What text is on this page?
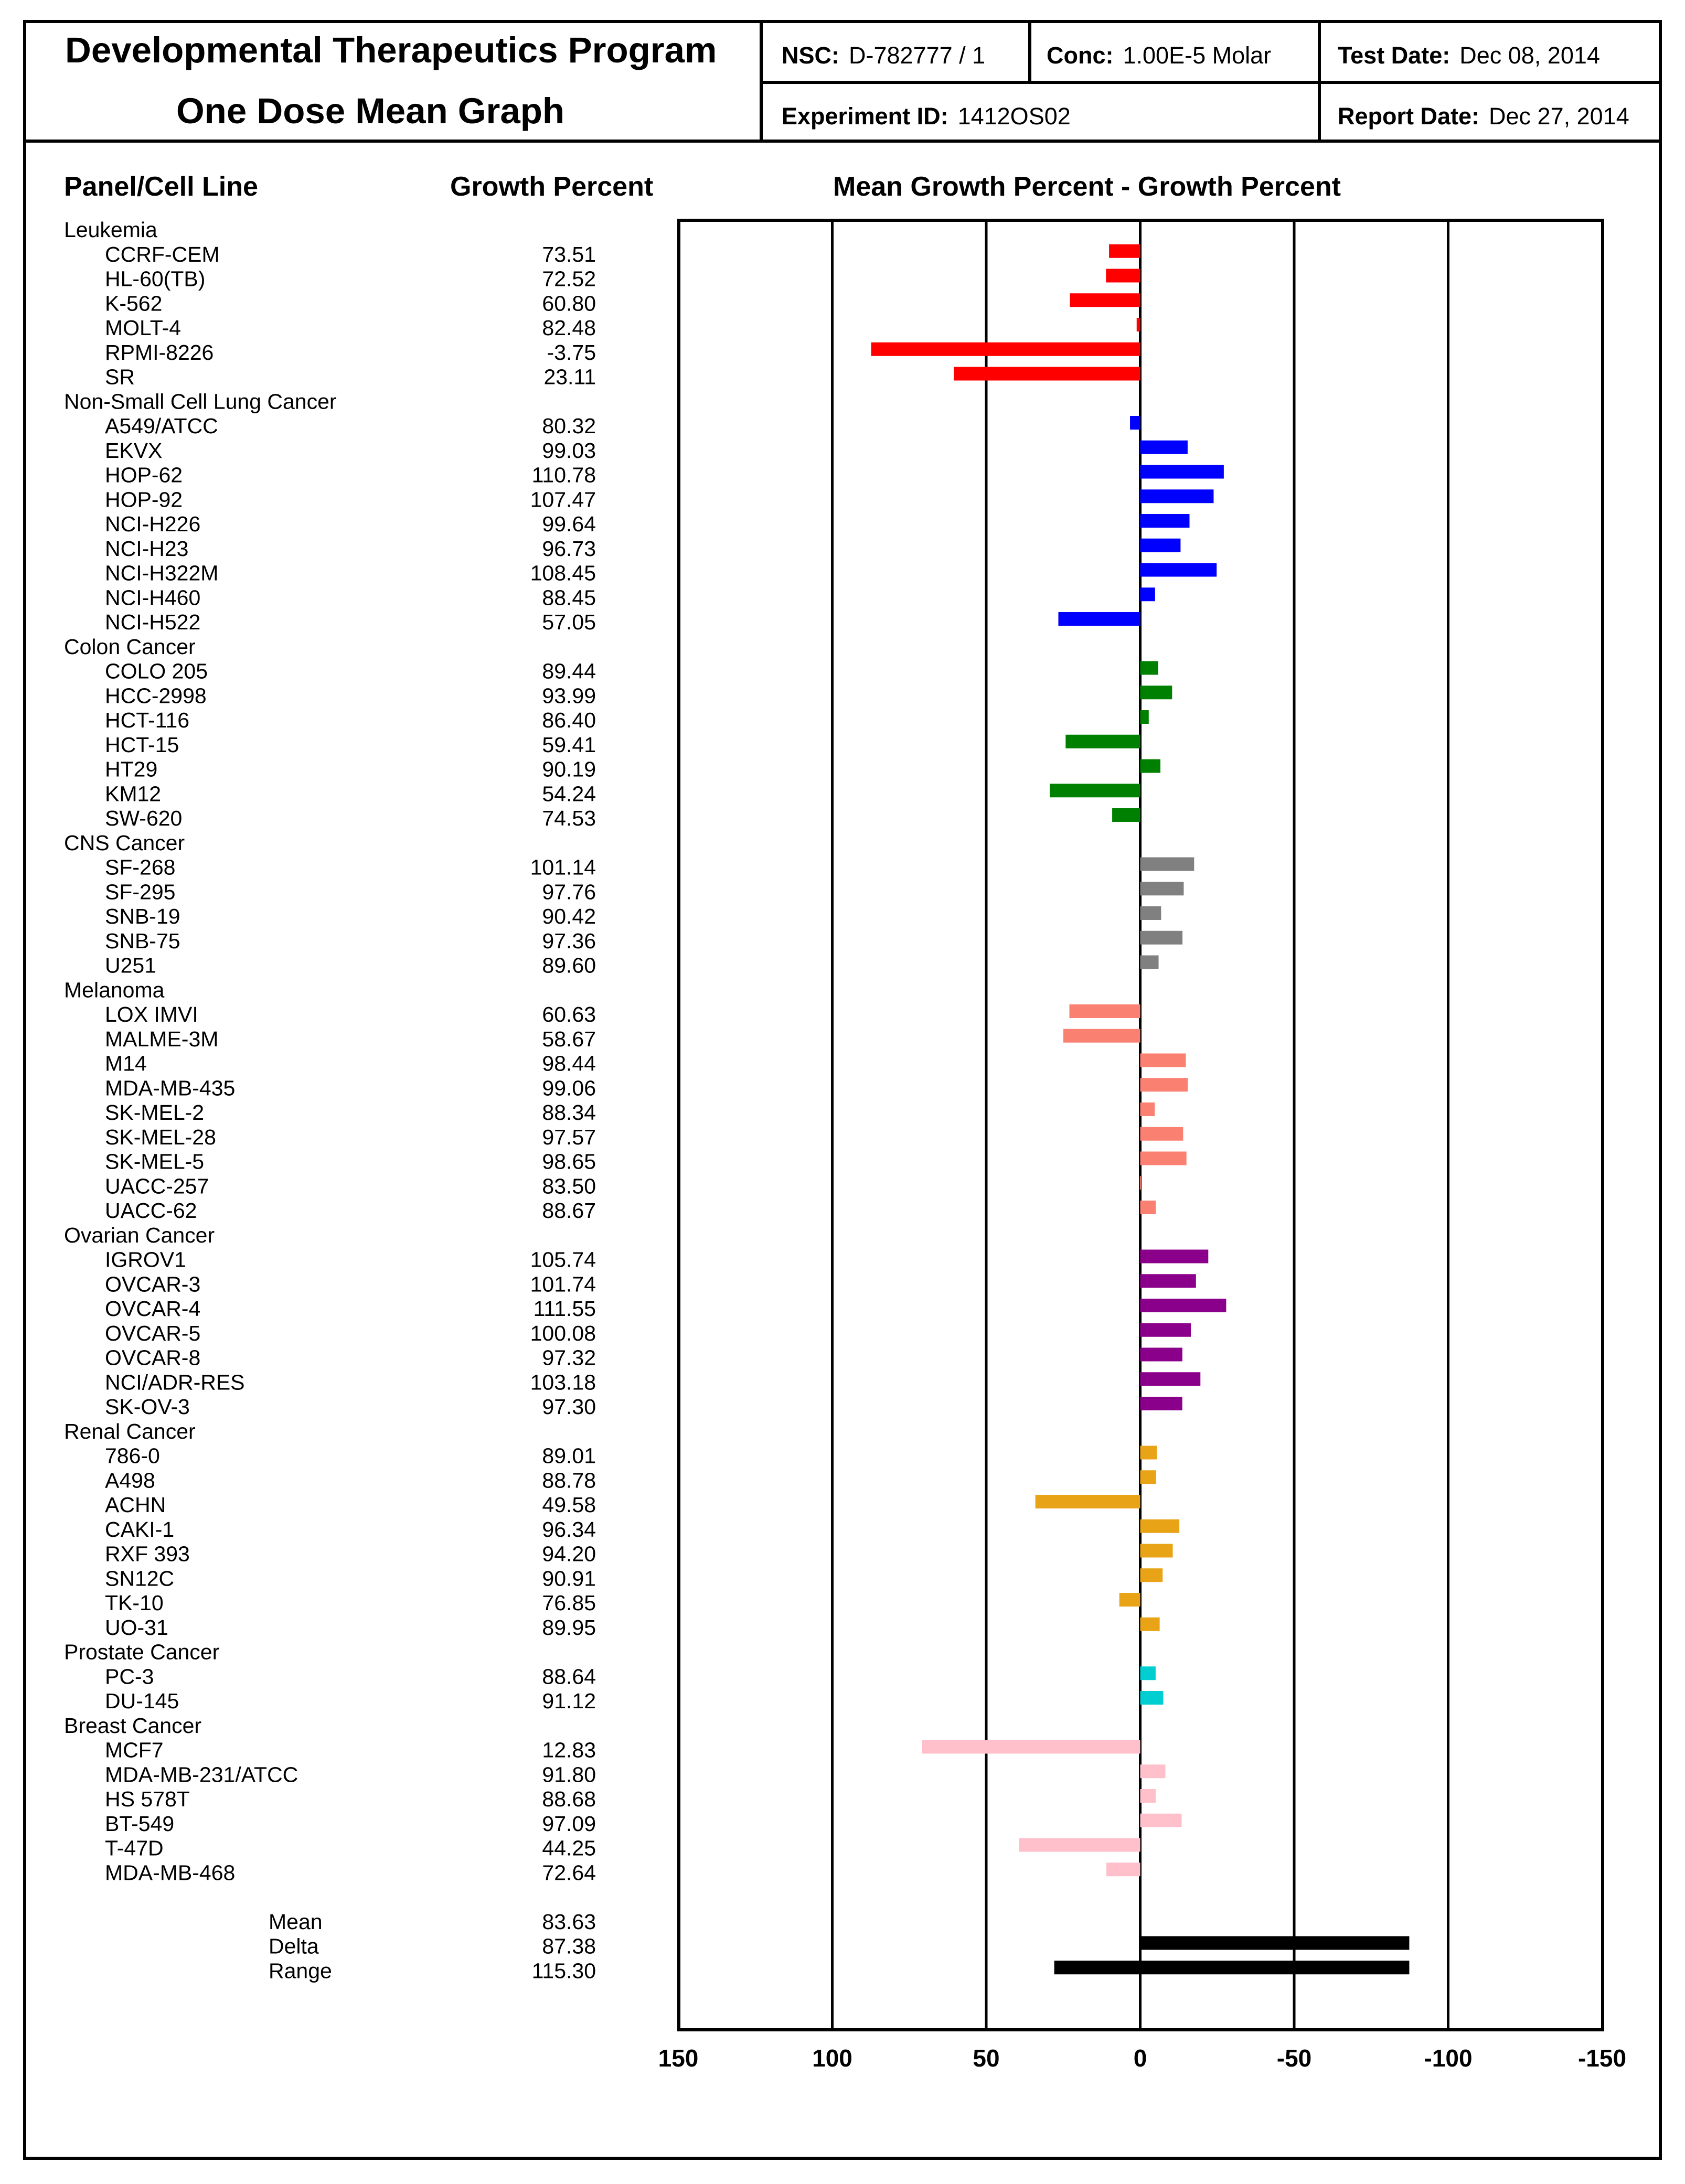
Developmental Therapeutics Program
One Dose Mean Graph
NSC: D-782777 / 1	Conc: 1.00E-5 Molar	Test Date: Dec 08, 2014
Experiment ID: 1412OS02	Report Date: Dec 27, 2014
Panel/Cell Line	Growth Percent	Mean Growth Percent - Growth Percent
150	100	50	0	-50	-100	-150
Leukemia
CCRF-CEM	73.51
HL-60(TB)	72.52
K-562	60.80
MOLT-4	82.48
RPMI-8226	-3.75
SR	23.11
Non-Small Cell Lung Cancer
A549/ATCC	80.32
EKVX	99.03
HOP-62	110.78
HOP-92	107.47
NCI-H226	99.64
NCI-H23	96.73
NCI-H322M	108.45
NCI-H460	88.45
NCI-H522	57.05
Colon Cancer
COLO 205	89.44
HCC-2998	93.99
HCT-116	86.40
HCT-15	59.41
HT29	90.19
KM12	54.24
SW-620	74.53
CNS Cancer
SF-268	101.14
SF-295	97.76
SNB-19	90.42
SNB-75	97.36
U251	89.60
Melanoma
LOX IMVI	60.63
MALME-3M	58.67
M14	98.44
MDA-MB-435	99.06
SK-MEL-2	88.34
SK-MEL-28	97.57
SK-MEL-5	98.65
UACC-257	83.50
UACC-62	88.67
Ovarian Cancer
IGROV1	105.74
OVCAR-3	101.74
OVCAR-4	111.55
OVCAR-5	100.08
OVCAR-8	97.32
NCI/ADR-RES	103.18
SK-OV-3	97.30
Renal Cancer
786-0	89.01
A498	88.78
ACHN	49.58
CAKI-1	96.34
RXF 393	94.20
SN12C	90.91
TK-10	76.85
UO-31	89.95
Prostate Cancer
PC-3	88.64
DU-145	91.12
Breast Cancer
MCF7	12.83
MDA-MB-231/ATCC	91.80
HS 578T	88.68
BT-549	97.09
T-47D	44.25
MDA-MB-468	72.64
Mean	83.63
Delta	87.38
Range	115.30
